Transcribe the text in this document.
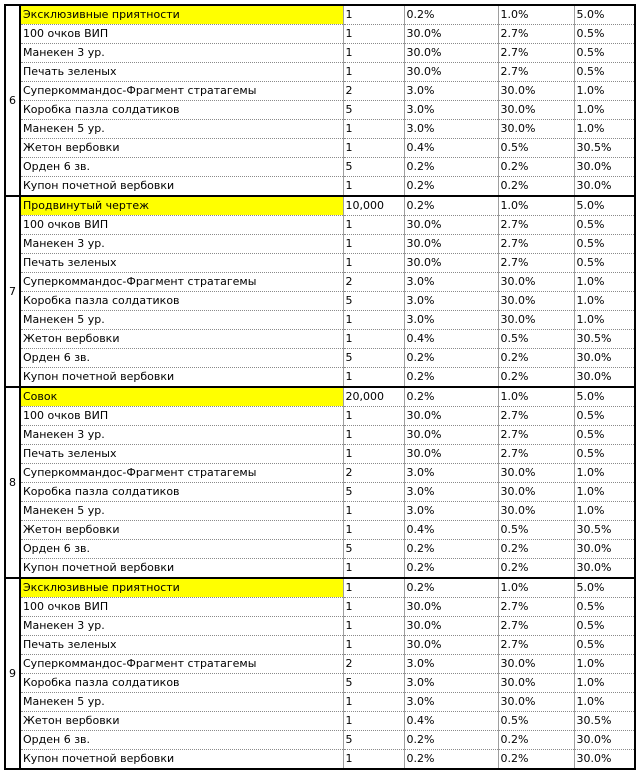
6	Эксклюзивные приятности	1	0.2%	1.0%	5.0%
	100 очков ВИП	1	30.0%	2.7%	0.5%
	Манекен 3 ур.	1	30.0%	2.7%	0.5%
	Печать зеленых	1	30.0%	2.7%	0.5%
	Суперкоммандос-Фрагмент стратагемы	2	3.0%	30.0%	1.0%
	Коробка пазла солдатиков	5	3.0%	30.0%	1.0%
	Манекен 5 ур.	1	3.0%	30.0%	1.0%
	Жетон вербовки	1	0.4%	0.5%	30.5%
	Орден 6 зв.	5	0.2%	0.2%	30.0%
	Купон почетной вербовки	1	0.2%	0.2%	30.0%
7	Продвинутый чертеж	10,000	0.2%	1.0%	5.0%
	100 очков ВИП	1	30.0%	2.7%	0.5%
	Манекен 3 ур.	1	30.0%	2.7%	0.5%
	Печать зеленых	1	30.0%	2.7%	0.5%
	Суперкоммандос-Фрагмент стратагемы	2	3.0%	30.0%	1.0%
	Коробка пазла солдатиков	5	3.0%	30.0%	1.0%
	Манекен 5 ур.	1	3.0%	30.0%	1.0%
	Жетон вербовки	1	0.4%	0.5%	30.5%
	Орден 6 зв.	5	0.2%	0.2%	30.0%
	Купон почетной вербовки	1	0.2%	0.2%	30.0%
8	Совок	20,000	0.2%	1.0%	5.0%
	100 очков ВИП	1	30.0%	2.7%	0.5%
	Манекен 3 ур.	1	30.0%	2.7%	0.5%
	Печать зеленых	1	30.0%	2.7%	0.5%
	Суперкоммандос-Фрагмент стратагемы	2	3.0%	30.0%	1.0%
	Коробка пазла солдатиков	5	3.0%	30.0%	1.0%
	Манекен 5 ур.	1	3.0%	30.0%	1.0%
	Жетон вербовки	1	0.4%	0.5%	30.5%
	Орден 6 зв.	5	0.2%	0.2%	30.0%
	Купон почетной вербовки	1	0.2%	0.2%	30.0%
9	Эксклюзивные приятности	1	0.2%	1.0%	5.0%
	100 очков ВИП	1	30.0%	2.7%	0.5%
	Манекен 3 ур.	1	30.0%	2.7%	0.5%
	Печать зеленых	1	30.0%	2.7%	0.5%
	Суперкоммандос-Фрагмент стратагемы	2	3.0%	30.0%	1.0%
	Коробка пазла солдатиков	5	3.0%	30.0%	1.0%
	Манекен 5 ур.	1	3.0%	30.0%	1.0%
	Жетон вербовки	1	0.4%	0.5%	30.5%
	Орден 6 зв.	5	0.2%	0.2%	30.0%
	Купон почетной вербовки	1	0.2%	0.2%	30.0%
